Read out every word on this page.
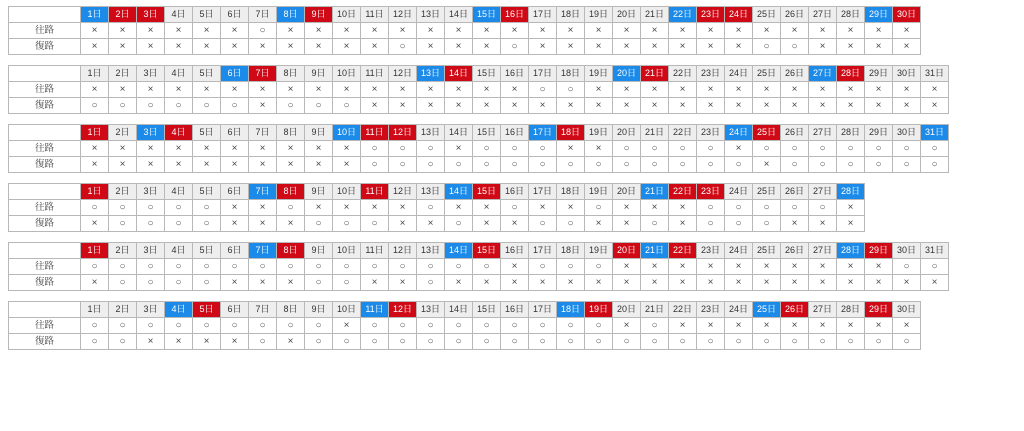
2025年11月	1日	2日	3日	4日	5日	6日	7日	8日	9日	10日	11日	12日	13日	14日	15日	16日	17日	18日	19日	20日	21日	22日	23日	24日	25日	26日	27日	28日	29日	30日
往路	×	×	×	×	×	×	○	×	×	×	×	×	×	×	×	×	×	×	×	×	×	×	×	×	×	×	×	×	×	×
復路	×	×	×	×	×	×	×	×	×	×	×	○	×	×	×	○	×	×	×	×	×	×	×	×	○	○	×	×	×	×
2025年12月	1日	2日	3日	4日	5日	6日	7日	8日	9日	10日	11日	12日	13日	14日	15日	16日	17日	18日	19日	20日	21日	22日	23日	24日	25日	26日	27日	28日	29日	30日	31日
往路	×	×	×	×	×	×	×	×	×	×	×	×	×	×	×	×	○	○	×	×	×	×	×	×	×	×	×	×	×	×	×
復路	○	○	○	○	○	○	×	○	○	○	×	×	×	×	×	×	×	×	×	×	×	×	×	×	×	×	×	×	×	×	×
2026年1月	1日	2日	3日	4日	5日	6日	7日	8日	9日	10日	11日	12日	13日	14日	15日	16日	17日	18日	19日	20日	21日	22日	23日	24日	25日	26日	27日	28日	29日	30日	31日
往路	×	×	×	×	×	×	×	×	×	×	○	○	○	×	○	○	○	×	×	○	○	○	○	×	○	○	○	○	○	○	○
復路	×	×	×	×	×	×	×	×	×	×	○	○	○	○	○	○	○	○	○	○	○	○	○	○	×	○	○	○	○	○	○
2026年2月	1日	2日	3日	4日	5日	6日	7日	8日	9日	10日	11日	12日	13日	14日	15日	16日	17日	18日	19日	20日	21日	22日	23日	24日	25日	26日	27日	28日
往路	○	○	○	○	○	×	×	○	×	×	×	×	○	×	×	○	×	×	○	×	×	×	○	○	○	○	○	×
復路	×	○	○	○	○	×	×	×	○	○	○	×	×	○	×	×	○	○	×	×	○	×	○	○	○	×	×	×
2026年3月	1日	2日	3日	4日	5日	6日	7日	8日	9日	10日	11日	12日	13日	14日	15日	16日	17日	18日	19日	20日	21日	22日	23日	24日	25日	26日	27日	28日	29日	30日	31日
往路	○	○	○	○	○	○	○	○	○	○	○	○	○	○	○	×	○	○	○	×	×	×	×	×	×	×	×	×	×	○	○
復路	×	○	○	○	○	×	×	×	○	○	×	×	○	×	×	×	×	×	×	×	×	×	×	×	×	×	×	×	×	×	×
2026年4月	1日	2日	3日	4日	5日	6日	7日	8日	9日	10日	11日	12日	13日	14日	15日	16日	17日	18日	19日	20日	21日	22日	23日	24日	25日	26日	27日	28日	29日	30日
往路	○	○	○	○	○	○	○	○	○	×	○	○	○	○	○	○	○	○	○	×	○	×	×	×	×	×	×	×	×	×
復路	○	○	×	×	×	×	○	×	○	○	○	○	○	○	○	○	○	○	○	○	○	○	○	○	○	○	○	○	○	○
